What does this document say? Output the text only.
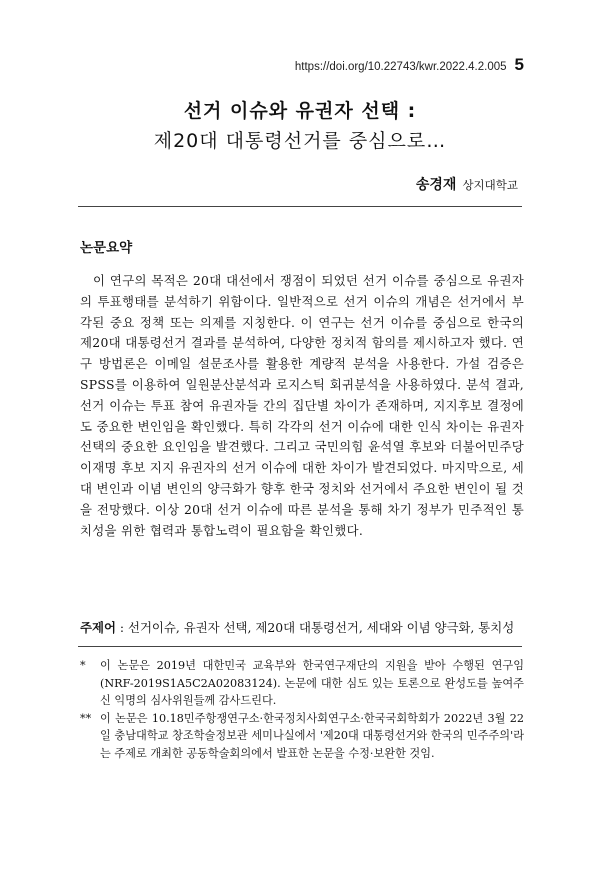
https://doi.org/10.22743/kwr.2022.4.2.005 5
선거 이슈와 유권자 선택 :
제20대 대통령선거를 중심으로…
송경재 상지대학교
논문요약

이 연구의 목적은 20대 대선에서 쟁점이 되었던 선거 이슈를 중심으로 유권자의 투표행태를 분석하기 위함이다. 일반적으로 선거 이슈의 개념은 선거에서 부각된 중요 정책 또는 의제를 지칭한다. 이 연구는 선거 이슈를 중심으로 한국의 제20대 대통령선거 결과를 분석하여, 다양한 정치적 함의를 제시하고자 했다. 연구 방법론은 이메일 설문조사를 활용한 계량적 분석을 사용한다. 가설 검증은 SPSS를 이용하여 일원분산분석과 로지스틱 회귀분석을 사용하였다. 분석 결과, 선거 이슈는 투표 참여 유권자들 간의 집단별 차이가 존재하며, 지지후보 결정에도 중요한 변인임을 확인했다. 특히 각각의 선거 이슈에 대한 인식 차이는 유권자 선택의 중요한 요인임을 발견했다. 그리고 국민의힘 윤석열 후보와 더불어민주당 이재명 후보 지지 유권자의 선거 이슈에 대한 차이가 발견되었다. 마지막으로, 세대 변인과 이념 변인의 양극화가 향후 한국 정치와 선거에서 주요한 변인이 될 것을 전망했다. 이상 20대 선거 이슈에 따른 분석을 통해 차기 정부가 민주적인 통치성을 위한 협력과 통합노력이 필요함을 확인했다.

주제어 : 선거이슈, 유권자 선택, 제20대 대통령선거, 세대와 이념 양극화, 통치성
*	이 논문은 2019년 대한민국 교육부와 한국연구재단의 지원을 받아 수행된 연구임 (NRF-2019S1A5C2A02083124). 논문에 대한 심도 있는 토론으로 완성도를 높여주신 익명의 심사위원들께 감사드린다.
** 이 논문은 10.18민주항쟁연구소·한국정치사회연구소·한국국회학회가 2022년 3월 22일 충남대학교 창조학술정보관 세미나실에서 '제20대 대통령선거와 한국의 민주주의'라는 주제로 개최한 공동학술회의에서 발표한 논문을 수정·보완한 것임.
